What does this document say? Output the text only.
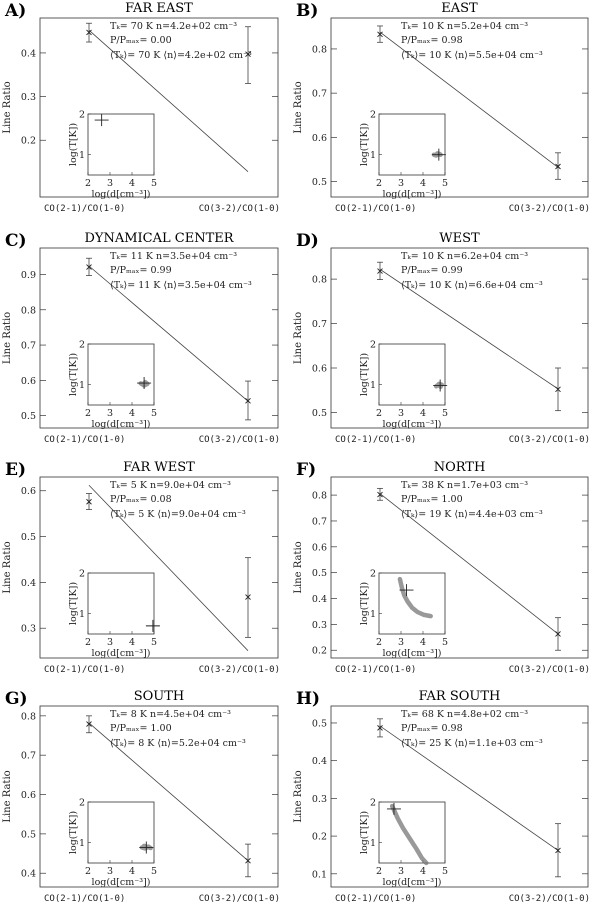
A)	FAR EAST
0.2
0.3
0.4
Line Ratio
CO(2-1)/CO(1-0)	CO(3-2)/CO(1-0)
Tₖ= 70 K n=4.2e+02 cm⁻³
P/Pₘₐₓ= 0.00
⟨Tₖ⟩= 70 K ⟨n⟩=4.2e+02 cm⁻³
2 3 4 5
1
2
log(d[cm⁻³])
log(T[K])
B)	EAST
0.5
0.6
0.7
0.8
Line Ratio
CO(2-1)/CO(1-0)	CO(3-2)/CO(1-0)
Tₖ= 10 K n=5.2e+04 cm⁻³
P/Pₘₐₓ= 0.98
⟨Tₖ⟩= 10 K ⟨n⟩=5.5e+04 cm⁻³
2 3 4 5
1
2
log(d[cm⁻³])
log(T[K])
C)	DYNAMICAL CENTER
0.5
0.6
0.7
0.8
0.9
Line Ratio
CO(2-1)/CO(1-0)	CO(3-2)/CO(1-0)
Tₖ= 11 K n=3.5e+04 cm⁻³
P/Pₘₐₓ= 0.99
⟨Tₖ⟩= 11 K ⟨n⟩=3.5e+04 cm⁻³
2 3 4 5
1
2
log(d[cm⁻³])
log(T[K])
D)	WEST
0.5
0.6
0.7
0.8
Line Ratio
CO(2-1)/CO(1-0)	CO(3-2)/CO(1-0)
Tₖ= 10 K n=6.2e+04 cm⁻³
P/Pₘₐₓ= 0.99
⟨Tₖ⟩= 10 K ⟨n⟩=6.6e+04 cm⁻³
2 3 4 5
1
2
log(d[cm⁻³])
log(T[K])
E)	FAR WEST
0.3
0.4
0.5
0.6
Line Ratio
CO(2-1)/CO(1-0)	CO(3-2)/CO(1-0)
Tₖ= 5 K n=9.0e+04 cm⁻³
P/Pₘₐₓ= 0.08
⟨Tₖ⟩= 5 K ⟨n⟩=9.0e+04 cm⁻³
2 3 4 5
1
2
log(d[cm⁻³])
log(T[K])
F)	NORTH
0.2
0.3
0.4
0.5
0.6
0.7
0.8
Line Ratio
CO(2-1)/CO(1-0)	CO(3-2)/CO(1-0)
Tₖ= 38 K n=1.7e+03 cm⁻³
P/Pₘₐₓ= 1.00
⟨Tₖ⟩= 19 K ⟨n⟩=4.4e+03 cm⁻³
2 3 4 5
1
2
log(d[cm⁻³])
log(T[K])
G)	SOUTH
0.4
0.5
0.6
0.7
0.8
Line Ratio
CO(2-1)/CO(1-0)	CO(3-2)/CO(1-0)
Tₖ= 8 K n=4.5e+04 cm⁻³
P/Pₘₐₓ= 1.00
⟨Tₖ⟩= 8 K ⟨n⟩=5.2e+04 cm⁻³
2 3 4 5
1
2
log(d[cm⁻³])
log(T[K])
H)	FAR SOUTH
0.1
0.2
0.3
0.4
0.5
Line Ratio
CO(2-1)/CO(1-0)	CO(3-2)/CO(1-0)
Tₖ= 68 K n=4.8e+02 cm⁻³
P/Pₘₐₓ= 0.98
⟨Tₖ⟩= 25 K ⟨n⟩=1.1e+03 cm⁻³
2 3 4 5
1
2
log(d[cm⁻³])
log(T[K])
